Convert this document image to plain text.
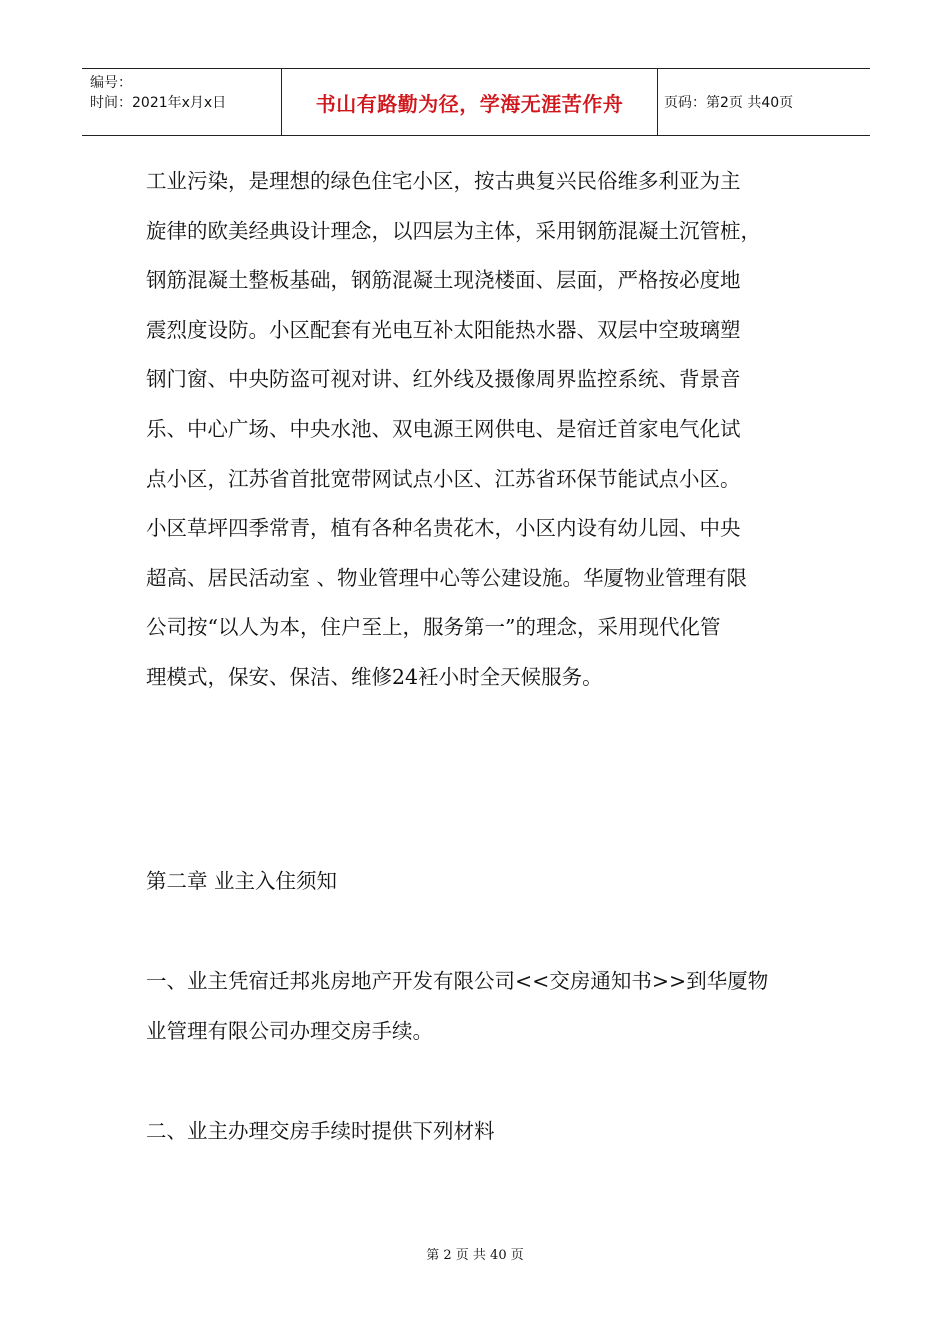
编号：
时间：2021年x月x日	书山有路勤为径，学海无涯苦作舟	页码：第2页 共40页
工业污染，是理想的绿色住宅小区，按古典复兴民俗维多利亚为主
旋律的欧美经典设计理念，以四层为主体，采用钢筋混凝土沉管桩，
钢筋混凝土整板基础，钢筋混凝土现浇楼面、层面，严格按必度地
震烈度设防。小区配套有光电互补太阳能热水器、双层中空玻璃塑
钢门窗、中央防盗可视对讲、红外线及摄像周界监控系统、背景音
乐、中心广场、中央水池、双电源王网供电、是宿迁首家电气化试
点小区，江苏省首批宽带网试点小区、江苏省环保节能试点小区。
小区草坪四季常青，植有各种名贵花木，小区内设有幼儿园、中央
超高、居民活动室 、物业管理中心等公建设施。华厦物业管理有限
公司按“以人为本，住户至上，服务第一”的理念，采用现代化管
理模式，保安、保洁、维修24衽小时全天候服务。
第二章 业主入住须知
一、业主凭宿迁邦兆房地产开发有限公司<<交房通知书>>到华厦物
业管理有限公司办理交房手续。
二、业主办理交房手续时提供下列材料
第 2 页 共 40 页
